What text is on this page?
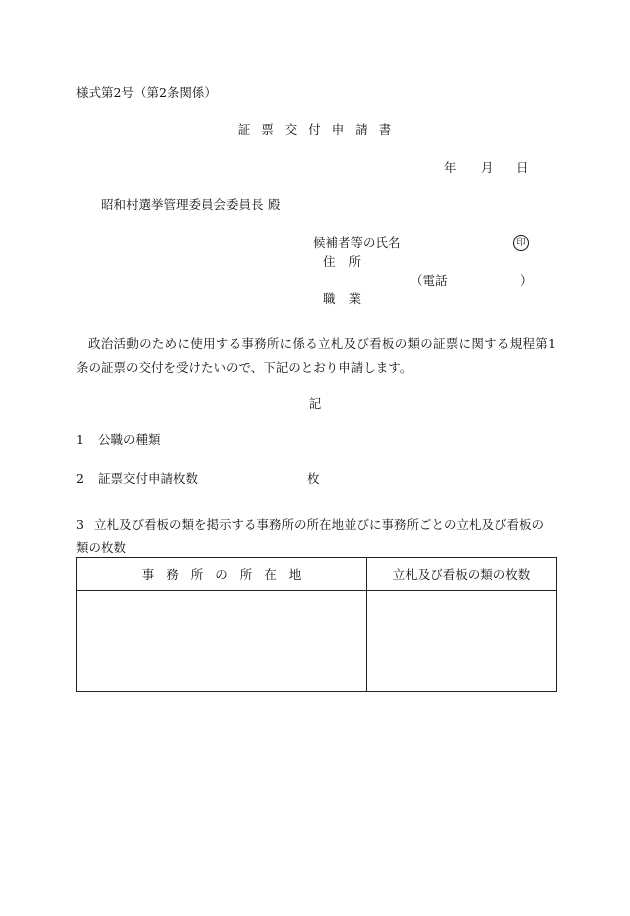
様式第2号（第2条関係）
証票交付申請書
年 月 日
昭和村選挙管理委員会委員長 殿
候補者等の氏名	印
住所
（電話	）
職業
政治活動のために使用する事務所に係る立札及び看板の類の証票に関する規程第1条の証票の交付を受けたいので、下記のとおり申請します。
記
1 公職の種類
2 証票交付申請枚数	枚
3 立札及び看板の類を掲示する事務所の所在地並びに事務所ごとの立札及び看板の類の枚数
事務所の所在地	立札及び看板の類の枚数
